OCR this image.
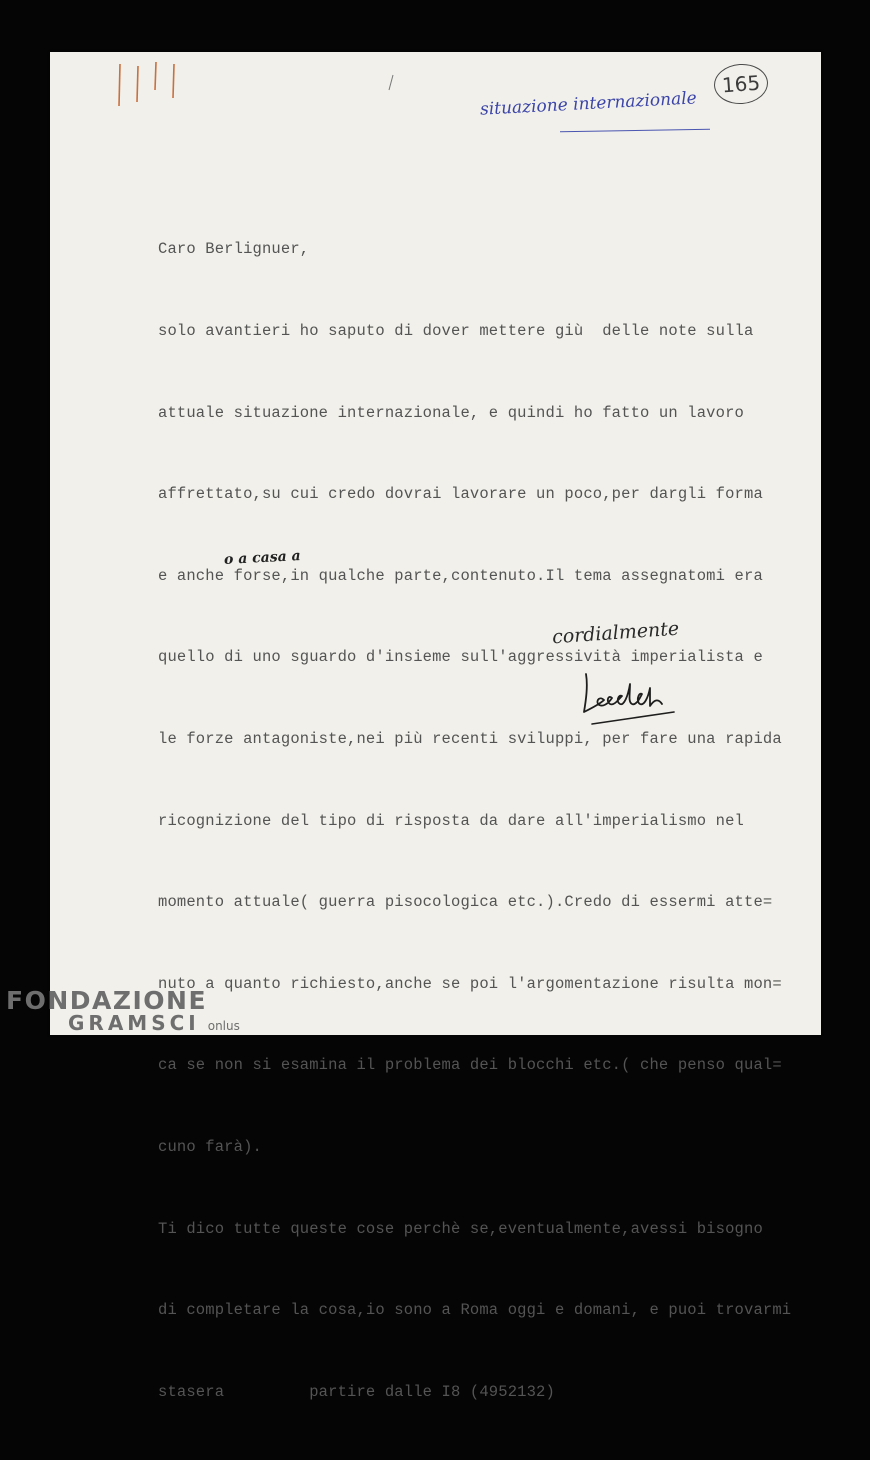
165
situazione internazionale

Caro Berlignuer,

solo avantieri ho saputo di dover mettere giù  delle note sulla

attuale situazione internazionale, e quindi ho fatto un lavoro

affrettato,su cui credo dovrai lavorare un poco,per dargli forma

e anche forse,in qualche parte,contenuto.Il tema assegnatomi era

quello di uno sguardo d'insieme sull'aggressività imperialista e

le forze antagoniste,nei più recenti sviluppi, per fare una rapida

ricognizione del tipo di risposta da dare all'imperialismo nel

momento attuale( guerra pisocologica etc.).Credo di essermi atte=

nuto a quanto richiesto,anche se poi l'argomentazione risulta mon=

ca se non si esamina il problema dei blocchi etc.( che penso qual=

cuno farà).

Ti dico tutte queste cose perchè se,eventualmente,avessi bisogno

di completare la cosa,io sono a Roma oggi e domani, e puoi trovarmi

stasera         partire dalle I8 (4952132)

o a casa a
cordialmente
FONDAZIONE
GRAMSCI onlus
